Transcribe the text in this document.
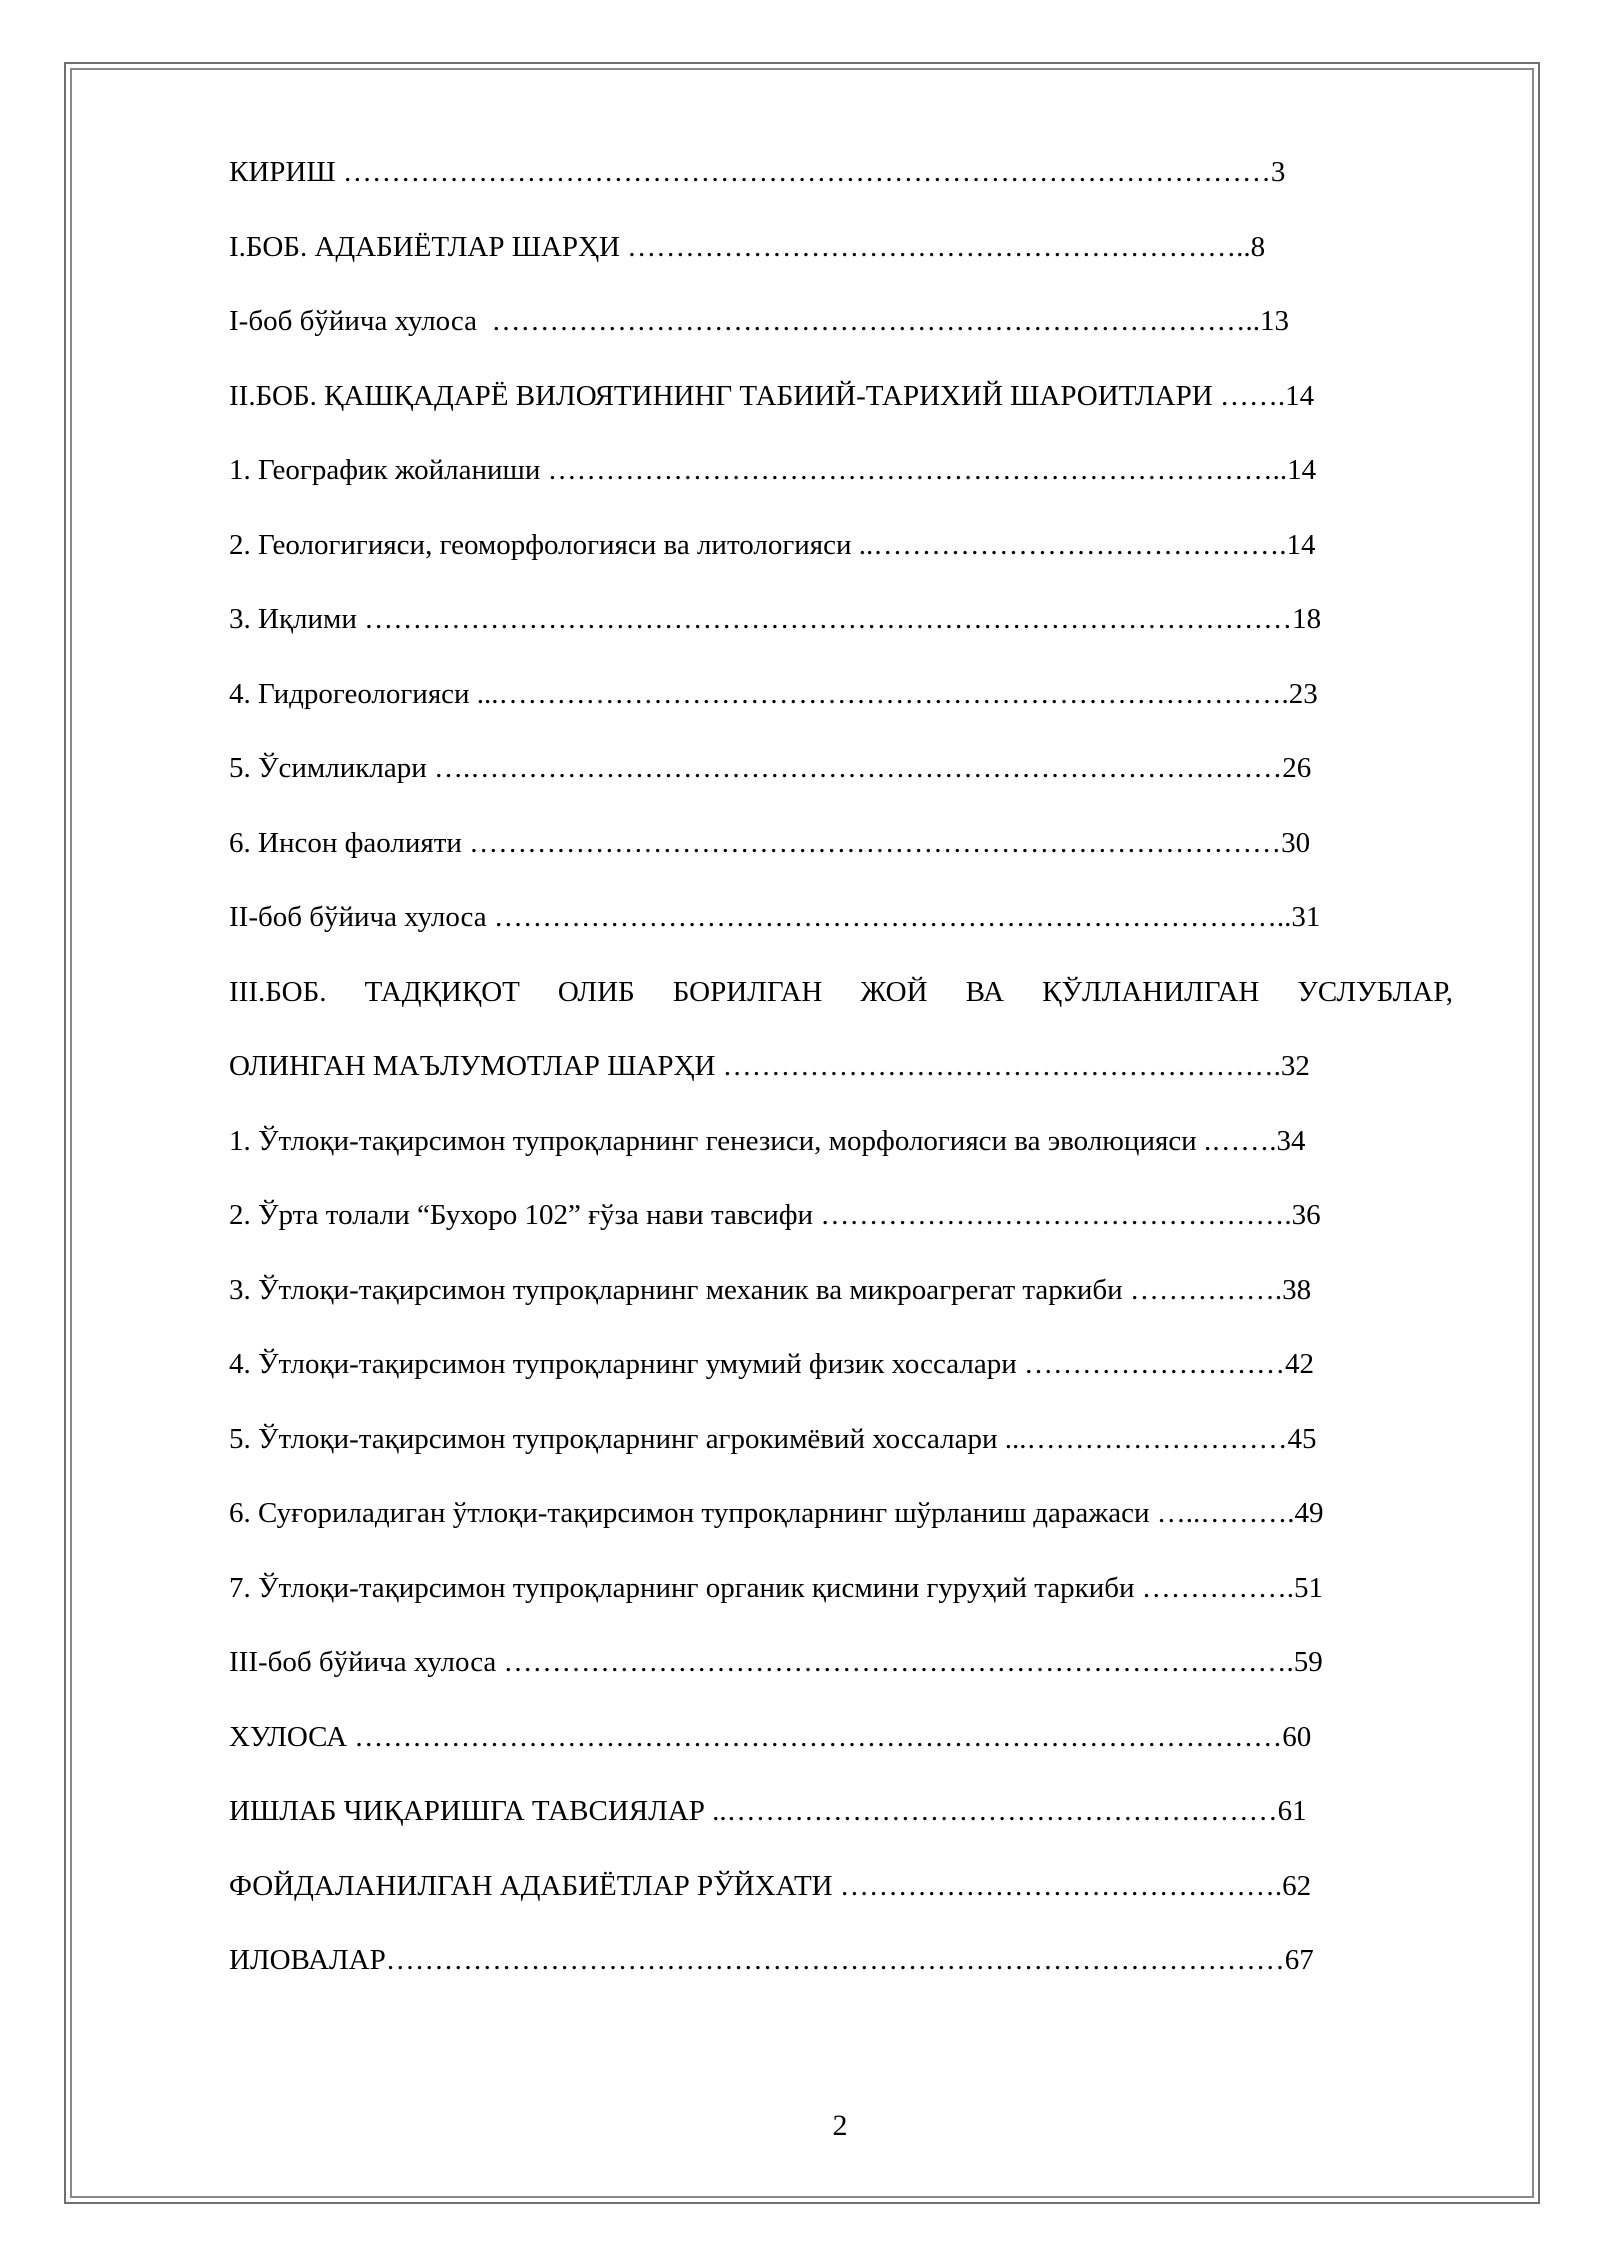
КИРИШ ……………………………………………………………………………………3
I.БОБ. АДАБИЁТЛАР ШАРҲИ ………………………………………………………..8
I-боб бўйича хулоса  ……………………………………………………………………..13
II.БОБ. ҚАШҚАДАРЁ ВИЛОЯТИНИНГ ТАБИИЙ-ТАРИХИЙ ШАРОИТЛАРИ …….14
1. Географик жойланиши …………………………………………………………………..14
2. Геологигияси, геоморфологияси ва литологияси ..…………………………………….14
3. Иқлими ……………………………………………………………………………………18
4. Гидрогеологияси ...……………………………………………………………………….23
5. Ўсимликлари ….…………………………………………………………………………26
6. Инсон фаолияти …………………………………………………………………………30
II-боб бўйича хулоса ………………………………………………………………………..31
III.БОБ.  ТАДҚИҚОТ  ОЛИБ  БОРИЛГАН  ЖОЙ  ВА  ҚЎЛЛАНИЛГАН  УСЛУБЛАР,
ОЛИНГАН МАЪЛУМОТЛАР ШАРҲИ ………………………………………………….32
1. Ўтлоқи-тақирсимон тупроқларнинг генезиси, морфологияси ва эволюцияси .…….34
2. Ўрта толали “Бухоро 102” ғўза нави тавсифи ………………………………………….36
3. Ўтлоқи-тақирсимон тупроқларнинг механик ва микроагрегат таркиби …………….38
4. Ўтлоқи-тақирсимон тупроқларнинг умумий физик хоссалари ………………………42
5. Ўтлоқи-тақирсимон тупроқларнинг агрокимёвий хоссалари ...………………………45
6. Суғориладиган ўтлоқи-тақирсимон тупроқларнинг шўрланиш даражаси …..……….49
7. Ўтлоқи-тақирсимон тупроқларнинг органик қисмини гуруҳий таркиби …………….51
III-боб бўйича хулоса ……………………………………………………………………….59
ХУЛОСА ……………………………………………………………………………………60
ИШЛАБ ЧИҚАРИШГА ТАВСИЯЛАР ..…………………………………………………61
ФОЙДАЛАНИЛГАН АДАБИЁТЛАР РЎЙХАТИ ……………………………………….62
ИЛОВАЛАР…………………………………………………………………………………67
2
